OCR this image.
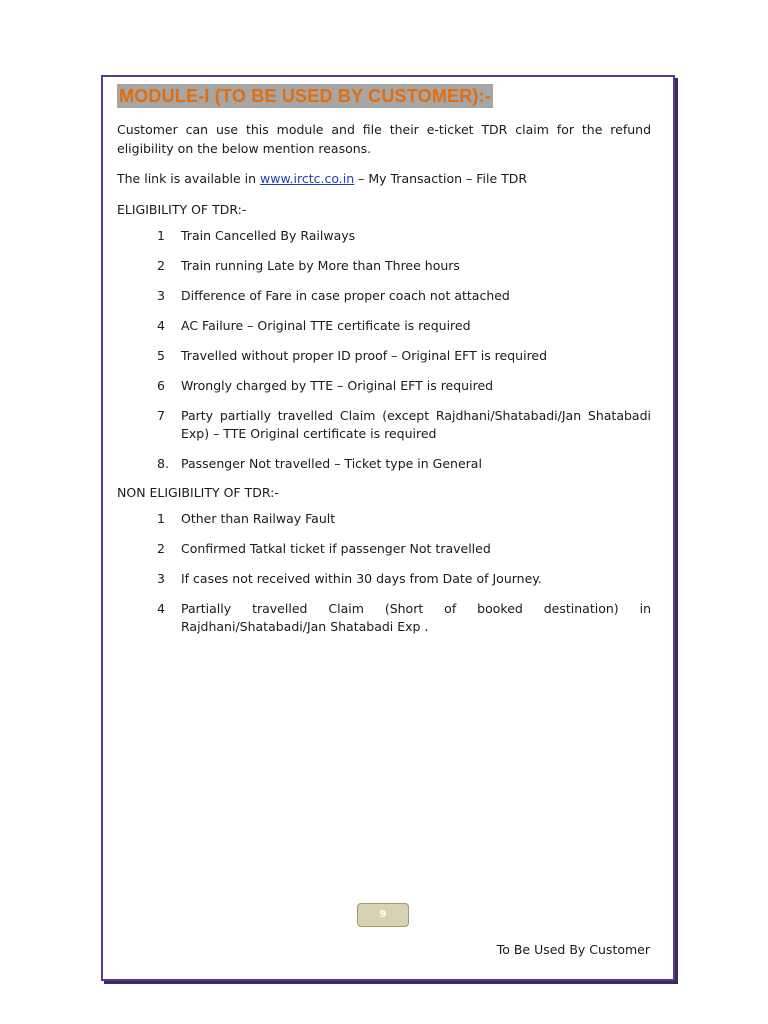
MODULE-I (TO BE USED BY CUSTOMER):-
Customer can use this module and file their e-ticket TDR claim for the refund eligibility on the below mention reasons.
The link is available in www.irctc.co.in – My Transaction – File TDR
ELIGIBILITY OF TDR:-
1	Train Cancelled By Railways
2	Train running Late by More than Three hours
3	Difference of Fare in case proper coach not attached
4	AC Failure – Original TTE certificate is required
5	Travelled without proper ID proof – Original EFT is required
6	Wrongly charged by TTE – Original EFT is required
7	Party partially travelled Claim (except Rajdhani/Shatabadi/Jan Shatabadi Exp) – TTE Original certificate is required
8. Passenger Not travelled – Ticket type in General
NON ELIGIBILITY OF TDR:-
1	Other than Railway Fault
2	Confirmed Tatkal ticket if passenger Not travelled
3	If cases not received within 30 days from Date of Journey.
4	Partially travelled Claim (Short of booked destination) in Rajdhani/Shatabadi/Jan Shatabadi Exp .
9
To Be Used By Customer
